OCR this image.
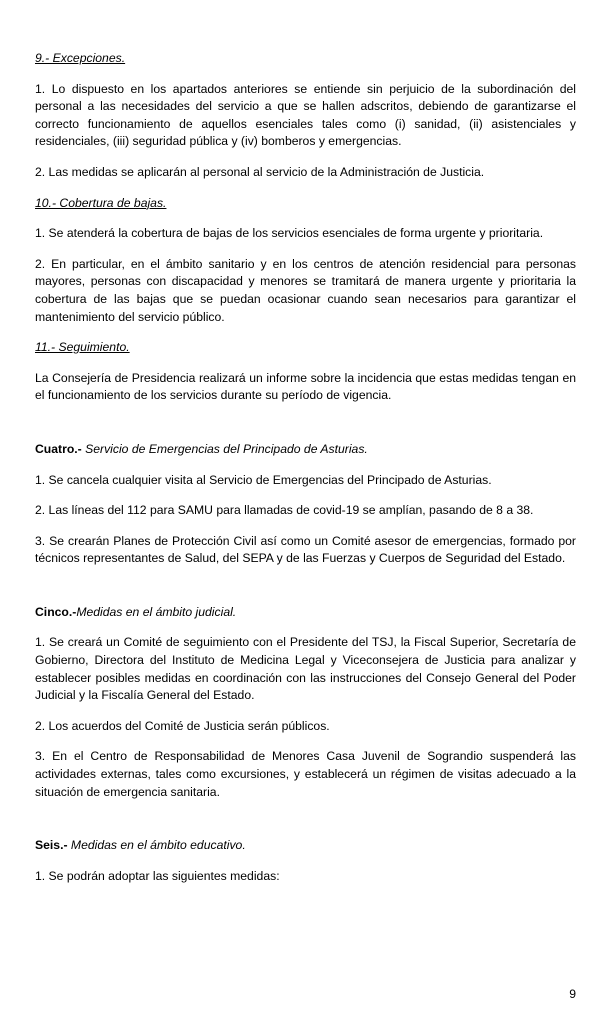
9.- Excepciones.

1. Lo dispuesto en los apartados anteriores se entiende sin perjuicio de la subordinación del personal a las necesidades del servicio a que se hallen adscritos, debiendo de garantizarse el correcto funcionamiento de aquellos esenciales tales como (i) sanidad, (ii) asistenciales y residenciales, (iii) seguridad pública y (iv) bomberos y emergencias.

2. Las medidas se aplicarán al personal al servicio de la Administración de Justicia.

10.- Cobertura de bajas.

1. Se atenderá la cobertura de bajas de los servicios esenciales de forma urgente y prioritaria.

2. En particular, en el ámbito sanitario y en los centros de atención residencial para personas mayores, personas con discapacidad y menores se tramitará de manera urgente y prioritaria la cobertura de las bajas que se puedan ocasionar cuando sean necesarios para garantizar el mantenimiento del servicio público.

11.- Seguimiento.

La Consejería de Presidencia realizará un informe sobre la incidencia que estas medidas tengan en el funcionamiento de los servicios durante su período de vigencia.

Cuatro.- Servicio de Emergencias del Principado de Asturias.

1. Se cancela cualquier visita al Servicio de Emergencias del Principado de Asturias.

2. Las líneas del 112 para SAMU para llamadas de covid-19 se amplían, pasando de 8 a 38.

3. Se crearán Planes de Protección Civil así como un Comité asesor de emergencias, formado por técnicos representantes de Salud, del SEPA y de las Fuerzas y Cuerpos de Seguridad del Estado.

Cinco.-Medidas en el ámbito judicial.

1. Se creará un Comité de seguimiento con el Presidente del TSJ, la Fiscal Superior, Secretaría de Gobierno, Directora del Instituto de Medicina Legal y Viceconsejera de Justicia para analizar y establecer posibles medidas en coordinación con las instrucciones del Consejo General del Poder Judicial y la Fiscalía General del Estado.

2. Los acuerdos del Comité de Justicia serán públicos.

3. En el Centro de Responsabilidad de Menores Casa Juvenil de Sograndio suspenderá las actividades externas, tales como excursiones, y establecerá un régimen de visitas adecuado a la situación de emergencia sanitaria.

Seis.- Medidas en el ámbito educativo.

1. Se podrán adoptar las siguientes medidas:

9
